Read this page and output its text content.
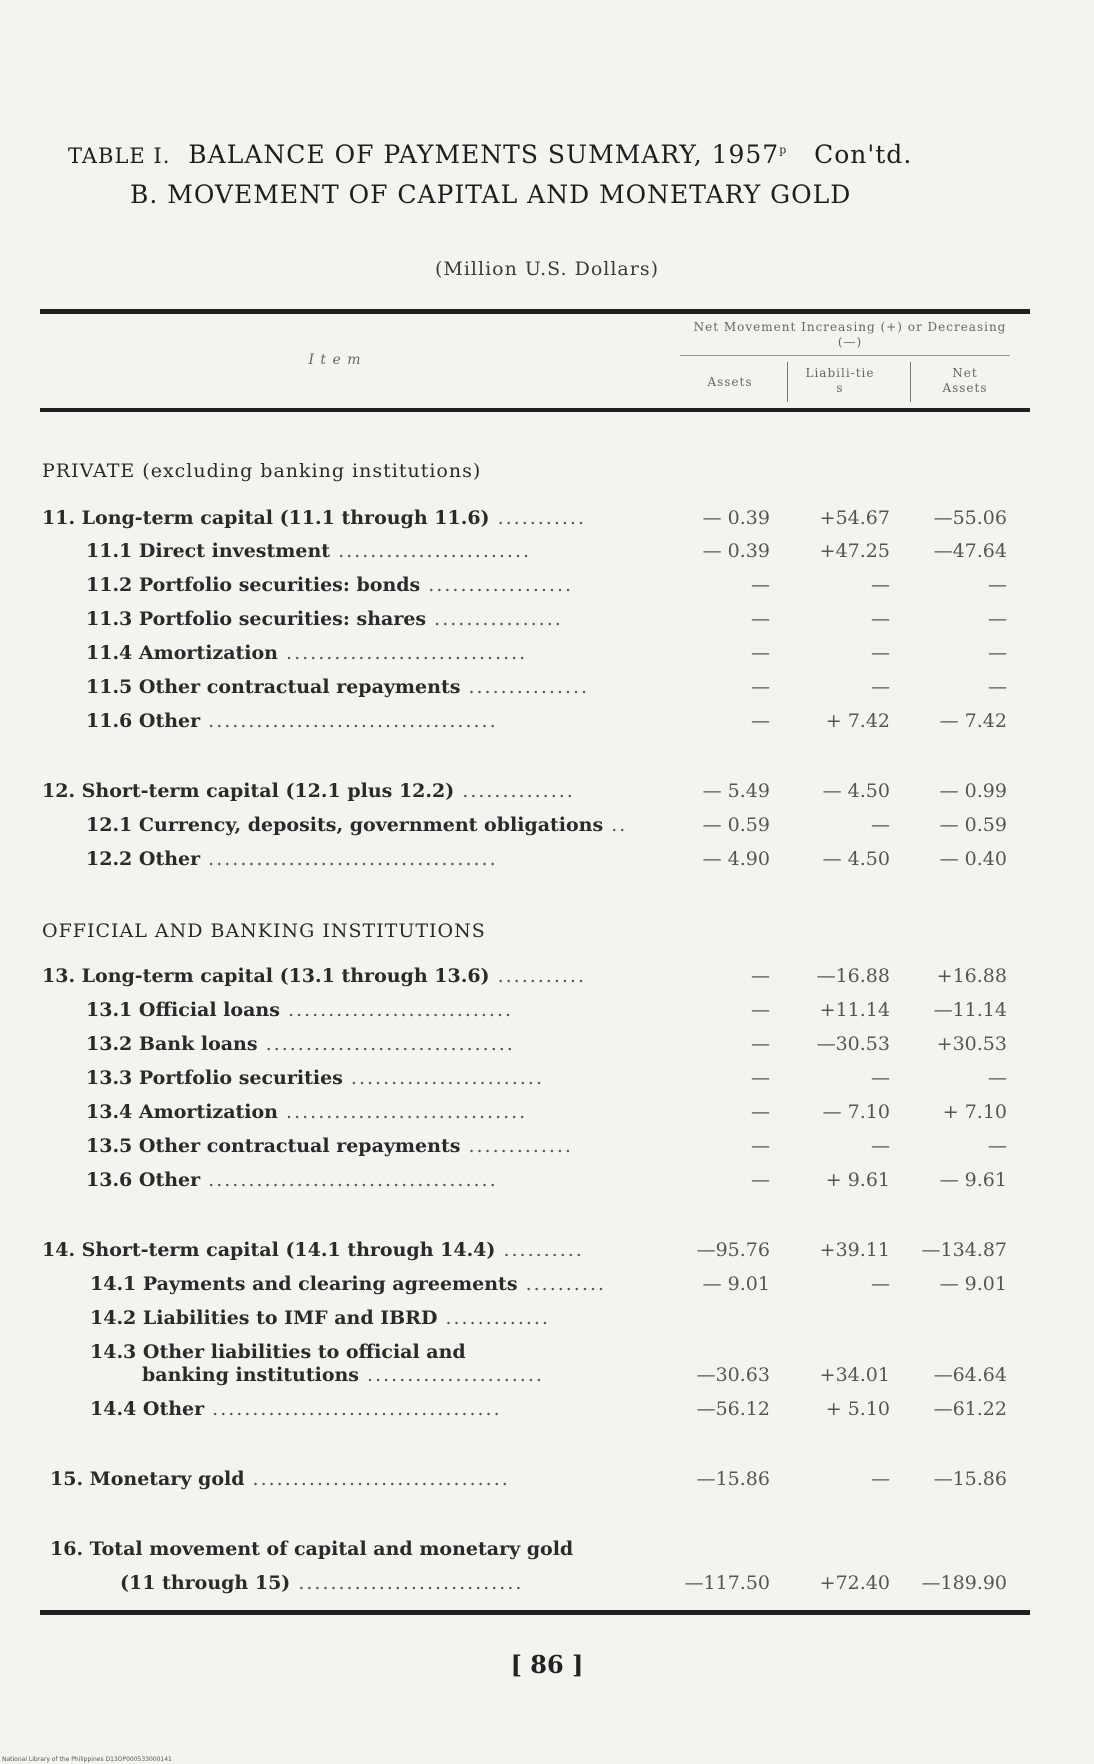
TABLE I. BALANCE OF PAYMENTS SUMMARY, 1957$^p$ Con'td.
B. MOVEMENT OF CAPITAL AND MONETARY GOLD
(Million U.S. Dollars)
I t e m
Net Movement Increasing (+) or Decreasing (—)
Assets
Liabili-ties
Net Assets
PRIVATE (excluding banking institutions)
11. Long-term capital (11.1 through 11.6) ...........	— 0.39	+54.67	—55.06
11.1 Direct investment ........................	— 0.39	+47.25	—47.64
11.2 Portfolio securities: bonds ..................	—	—	—
11.3 Portfolio securities: shares ................	—	—	—
11.4 Amortization ..............................	—	—	—
11.5 Other contractual repayments ...............	—	—	—
11.6 Other ....................................	—	+ 7.42	— 7.42
12. Short-term capital (12.1 plus 12.2) ..............	— 5.49	— 4.50	— 0.99
12.1 Currency, deposits, government obligations ..	— 0.59	—	— 0.59
12.2 Other ....................................	— 4.90	— 4.50	— 0.40
OFFICIAL AND BANKING INSTITUTIONS
13. Long-term capital (13.1 through 13.6) ...........	—	—16.88	+16.88
13.1 Official loans ............................	—	+11.14	—11.14
13.2 Bank loans ...............................	—	—30.53	+30.53
13.3 Portfolio securities ........................	—	—	—
13.4 Amortization ..............................	—	— 7.10	+ 7.10
13.5 Other contractual repayments .............	—	—	—
13.6 Other ....................................	—	+ 9.61	— 9.61
14. Short-term capital (14.1 through 14.4) ..........	—95.76	+39.11	—134.87
14.1 Payments and clearing agreements ..........	— 9.01	—	— 9.01
14.2 Liabilities to IMF and IBRD .............
14.3 Other liabilities to official and
banking institutions ......................	—30.63	+34.01	—64.64
14.4 Other ....................................	—56.12	+ 5.10	—61.22
15. Monetary gold ................................	—15.86	—	—15.86
16. Total movement of capital and monetary gold
(11 through 15) ............................	—117.50	+72.40	—189.90
[ 86 ]
National Library of the Philippines D13OP000533000141
